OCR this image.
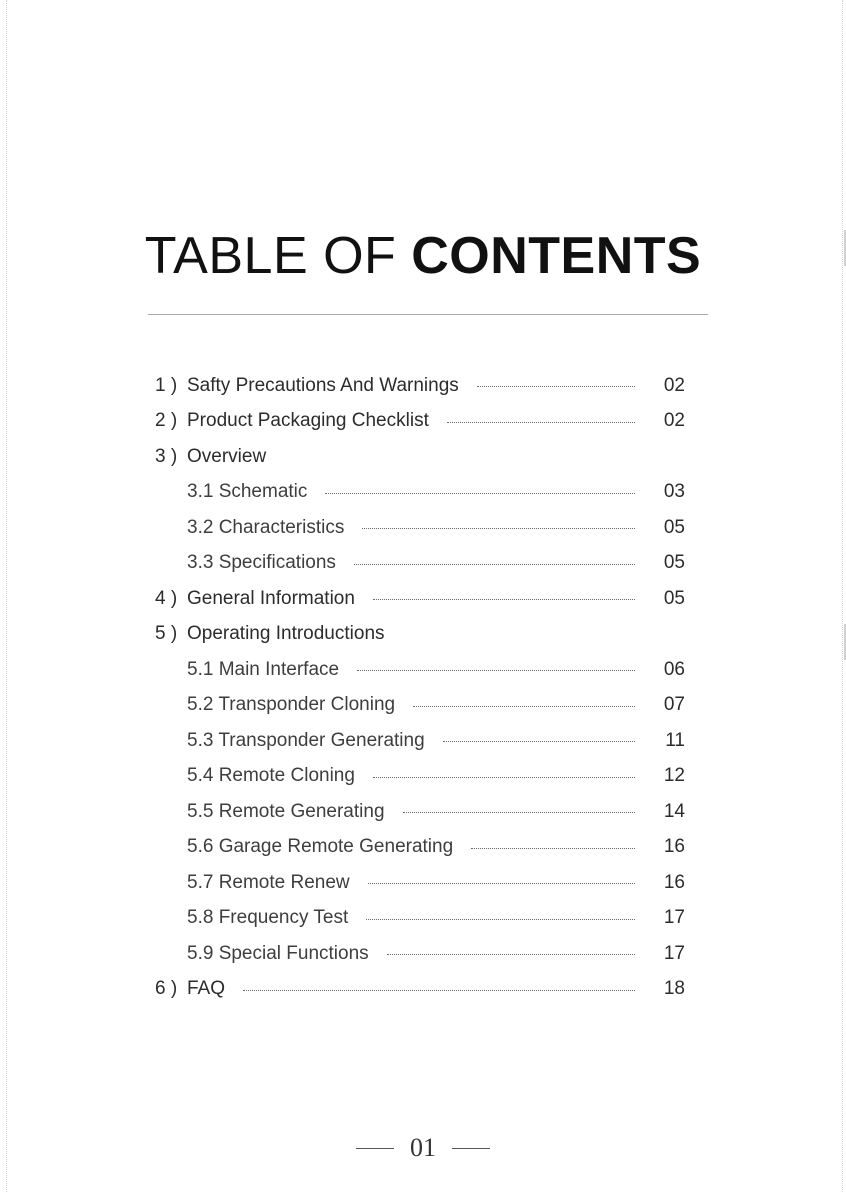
TABLE OF CONTENTS
1 ) Safty Precautions And Warnings	02
2 ) Product Packaging Checklist	02
3 ) Overview
3.1 Schematic	03
3.2 Characteristics	05
3.3 Specifications	05
4 ) General Information	05
5 ) Operating Introductions
5.1 Main Interface	06
5.2 Transponder Cloning	07
5.3 Transponder Generating	11
5.4 Remote Cloning	12
5.5 Remote Generating	14
5.6 Garage Remote Generating	16
5.7 Remote Renew	16
5.8 Frequency Test	17
5.9 Special Functions	17
6 ) FAQ	18
01
